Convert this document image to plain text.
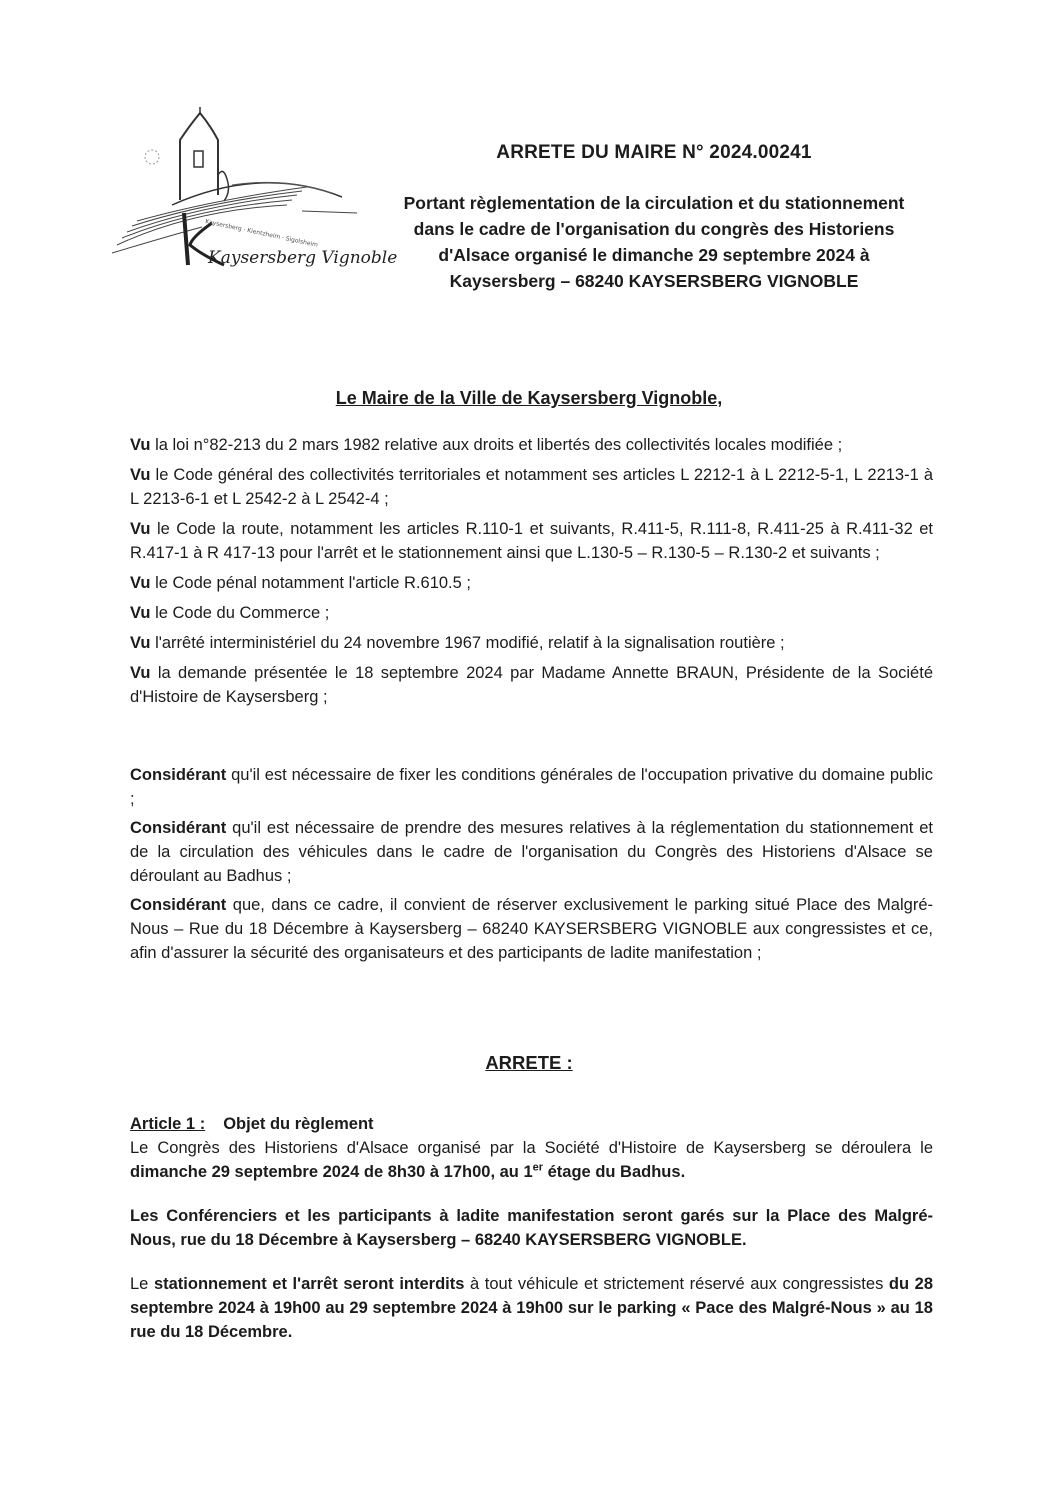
Kaysersberg · Kientzheim · Sigolsheim
Kaysersberg Vignoble
ARRETE DU MAIRE N° 2024.00241
Portant règlementation de la circulation et du stationnement
dans le cadre de l'organisation du congrès des Historiens
d'Alsace organisé le dimanche 29 septembre 2024 à
Kaysersberg – 68240 KAYSERSBERG VIGNOBLE
Le Maire de la Ville de Kaysersberg Vignoble,

Vu la loi n°82-213 du 2 mars 1982 relative aux droits et libertés des collectivités locales modifiée ;

Vu le Code général des collectivités territoriales et notamment ses articles L 2212-1 à L 2212-5-1, L 2213-1 à L 2213-6-1 et L 2542-2 à L 2542-4 ;

Vu le Code la route, notamment les articles R.110-1 et suivants, R.411-5, R.111-8, R.411-25 à R.411-32 et R.417-1 à R 417-13 pour l'arrêt et le stationnement ainsi que L.130-5 – R.130-5 – R.130-2 et suivants ;

Vu le Code pénal notamment l'article R.610.5 ;

Vu le Code du Commerce ;

Vu l'arrêté interministériel du 24 novembre 1967 modifié, relatif à la signalisation routière ;

Vu la demande présentée le 18 septembre 2024 par Madame Annette BRAUN, Présidente de la Société d'Histoire de Kaysersberg ;

Considérant qu'il est nécessaire de fixer les conditions générales de l'occupation privative du domaine public ;

Considérant qu'il est nécessaire de prendre des mesures relatives à la réglementation du stationnement et de la circulation des véhicules dans le cadre de l'organisation du Congrès des Historiens d'Alsace se déroulant au Badhus ;

Considérant que, dans ce cadre, il convient de réserver exclusivement le parking situé Place des Malgré-Nous – Rue du 18 Décembre à Kaysersberg – 68240 KAYSERSBERG VIGNOBLE aux congressistes et ce, afin d'assurer la sécurité des organisateurs et des participants de ladite manifestation ;

ARRETE :

Article 1 : Objet du règlement

Le Congrès des Historiens d'Alsace organisé par la Société d'Histoire de Kaysersberg se déroulera le dimanche 29 septembre 2024 de 8h30 à 17h00, au 1er étage du Badhus.

Les Conférenciers et les participants à ladite manifestation seront garés sur la Place des Malgré-Nous, rue du 18 Décembre à Kaysersberg – 68240 KAYSERSBERG VIGNOBLE.

Le stationnement et l'arrêt seront interdits à tout véhicule et strictement réservé aux congressistes du 28 septembre 2024 à 19h00 au 29 septembre 2024 à 19h00 sur le parking « Pace des Malgré-Nous » au 18 rue du 18 Décembre.
